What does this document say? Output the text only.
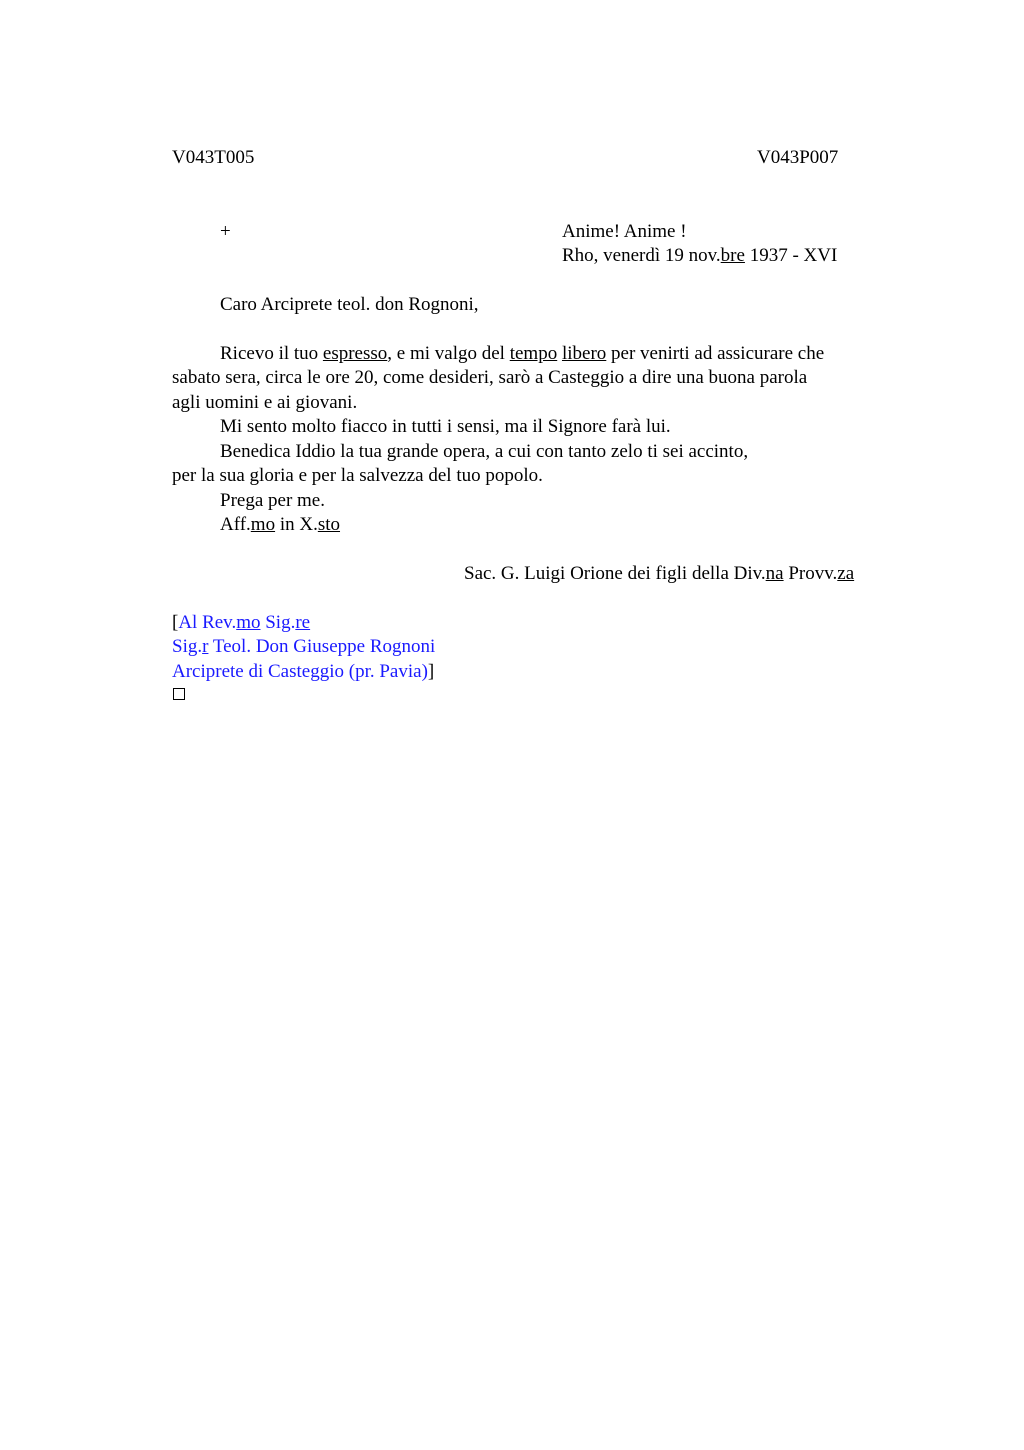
V043T005	V043P007
+	Anime! Anime !
Rho, venerdì 19 nov.bre 1937 - XVI
Caro Arciprete teol. don Rognoni,
Ricevo il tuo espresso, e mi valgo del tempo libero per venirti ad assicurare che
sabato sera, circa le ore 20, come desideri, sarò a Casteggio a dire una buona parola
agli uomini e ai giovani.
Mi sento molto fiacco in tutti i sensi, ma il Signore farà lui.
Benedica Iddio la tua grande opera, a cui con tanto zelo ti sei accinto,
per la sua gloria e per la salvezza del tuo popolo.
Prega per me.
Aff.mo in X.sto
Sac. G. Luigi Orione dei figli della Div.na Provv.za
[Al Rev.mo Sig.re
Sig.r Teol. Don Giuseppe Rognoni
Arciprete di Casteggio (pr. Pavia)]
